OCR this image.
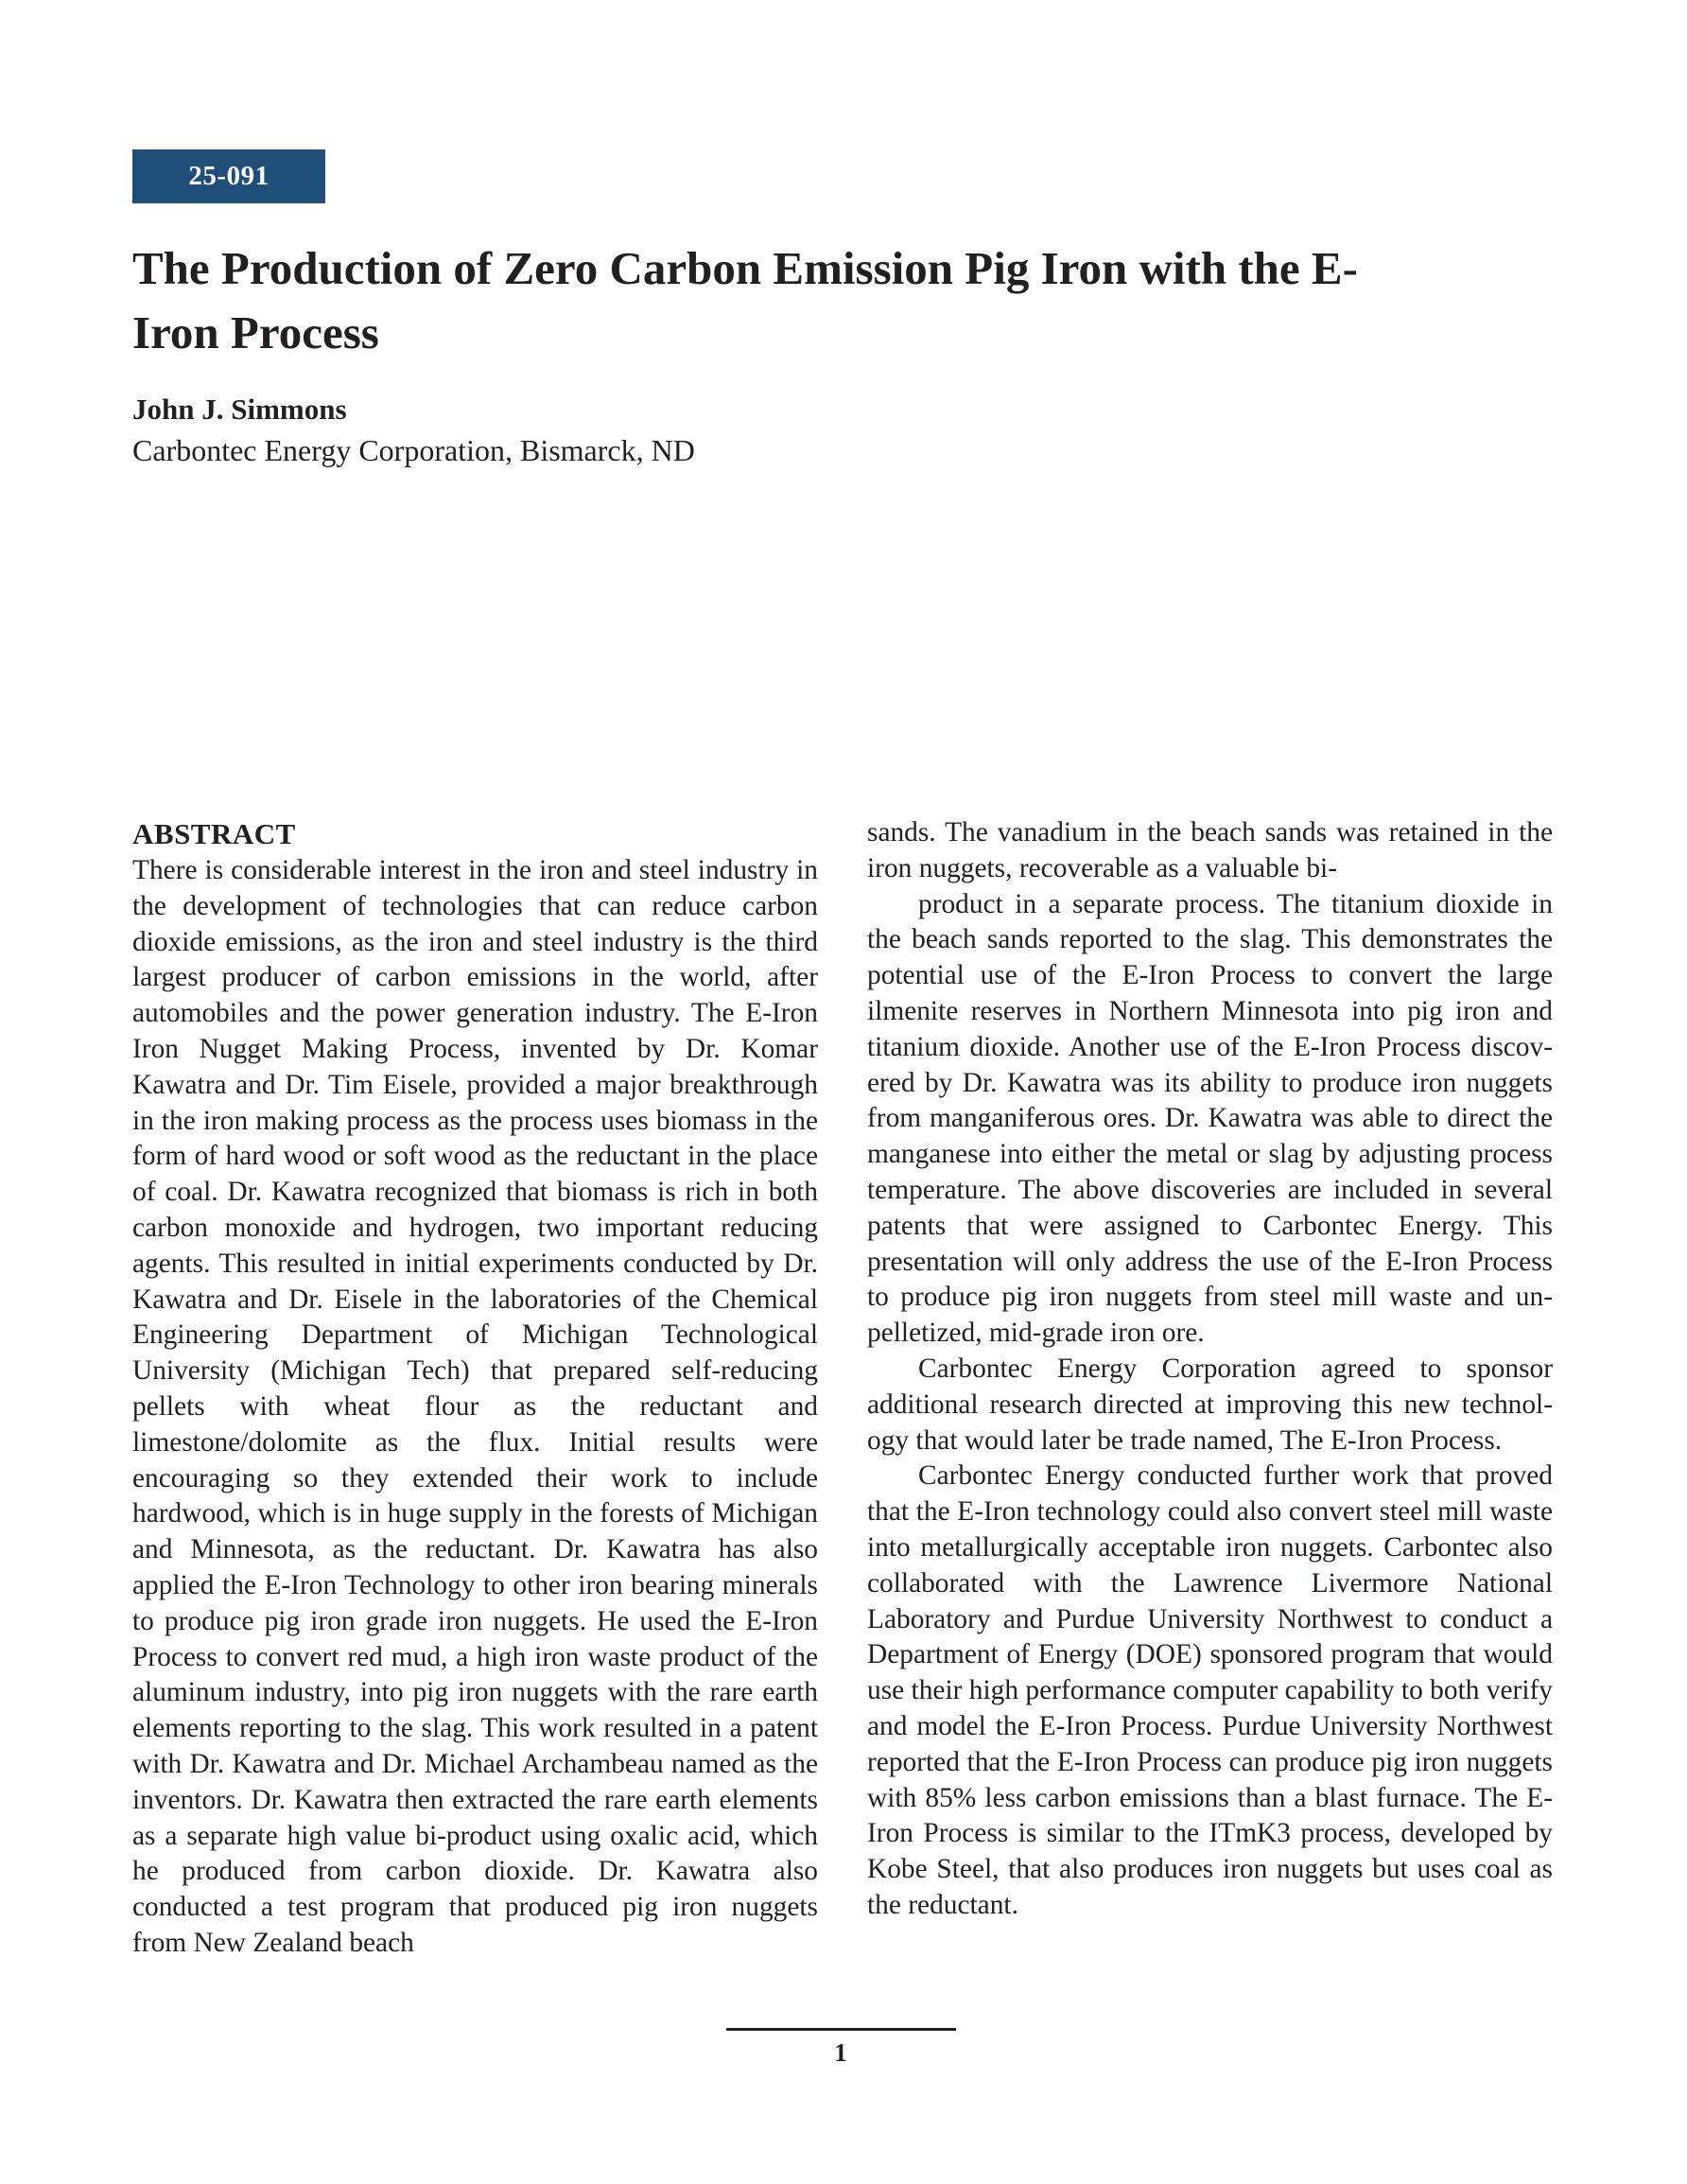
25-091
The Production of Zero Carbon Emission Pig Iron with the E-Iron Process
John J. Simmons
Carbontec Energy Corporation, Bismarck, ND
ABSTRACT

There is considerable interest in the iron and steel industry in the development of technologies that can reduce carbon dioxide emissions, as the iron and steel industry is the third largest producer of carbon emissions in the world, after automobiles and the power generation industry. The E-Iron Iron Nugget Making Process, invented by Dr. Komar Kawatra and Dr. Tim Eisele, provided a major breakthrough in the iron making process as the process uses biomass in the form of hard wood or soft wood as the reductant in the place of coal. Dr. Kawatra recognized that biomass is rich in both carbon monoxide and hydrogen, two important reducing agents. This resulted in initial experiments conducted by Dr. Kawatra and Dr. Eisele in the laboratories of the Chemical Engineering Department of Michigan Technological University (Michigan Tech) that prepared self-reducing pellets with wheat flour as the reductant and limestone/dolomite as the flux. Initial results were encouraging so they extended their work to include hardwood, which is in huge supply in the forests of Michigan and Minnesota, as the reductant. Dr. Kawatra has also applied the E-Iron Technology to other iron bearing minerals to produce pig iron grade iron nuggets. He used the E-Iron Process to convert red mud, a high iron waste product of the aluminum industry, into pig iron nuggets with the rare earth elements reporting to the slag. This work resulted in a patent with Dr. Kawatra and Dr. Michael Archambeau named as the inventors. Dr. Kawatra then extracted the rare earth elements as a separate high value bi-product using oxalic acid, which he produced from carbon dioxide. Dr. Kawatra also conducted a test program that produced pig iron nuggets from New Zealand beach

sands. The vanadium in the beach sands was retained in the iron nuggets, recoverable as a valuable bi-

product in a separate process. The titanium dioxide in the beach sands reported to the slag. This demonstrates the potential use of the E-Iron Process to convert the large ilmenite reserves in Northern Minnesota into pig iron and titanium dioxide. Another use of the E-Iron Process discovered by Dr. Kawatra was its ability to produce iron nuggets from manganiferous ores. Dr. Kawatra was able to direct the manganese into either the metal or slag by adjusting process temperature. The above discoveries are included in several patents that were assigned to Carbontec Energy. This presentation will only address the use of the E-Iron Process to produce pig iron nuggets from steel mill waste and un-pelletized, mid-grade iron ore.

Carbontec Energy Corporation agreed to sponsor additional research directed at improving this new technology that would later be trade named, The E-Iron Process.

Carbontec Energy conducted further work that proved that the E-Iron technology could also convert steel mill waste into metallurgically acceptable iron nuggets. Carbontec also collaborated with the Lawrence Livermore National Laboratory and Purdue University Northwest to conduct a Department of Energy (DOE) sponsored program that would use their high performance computer capability to both verify and model the E-Iron Process. Purdue University Northwest reported that the E-Iron Process can produce pig iron nuggets with 85% less carbon emissions than a blast furnace. The E-Iron Process is similar to the ITmK3 process, developed by Kobe Steel, that also produces iron nuggets but uses coal as the reductant.

1
